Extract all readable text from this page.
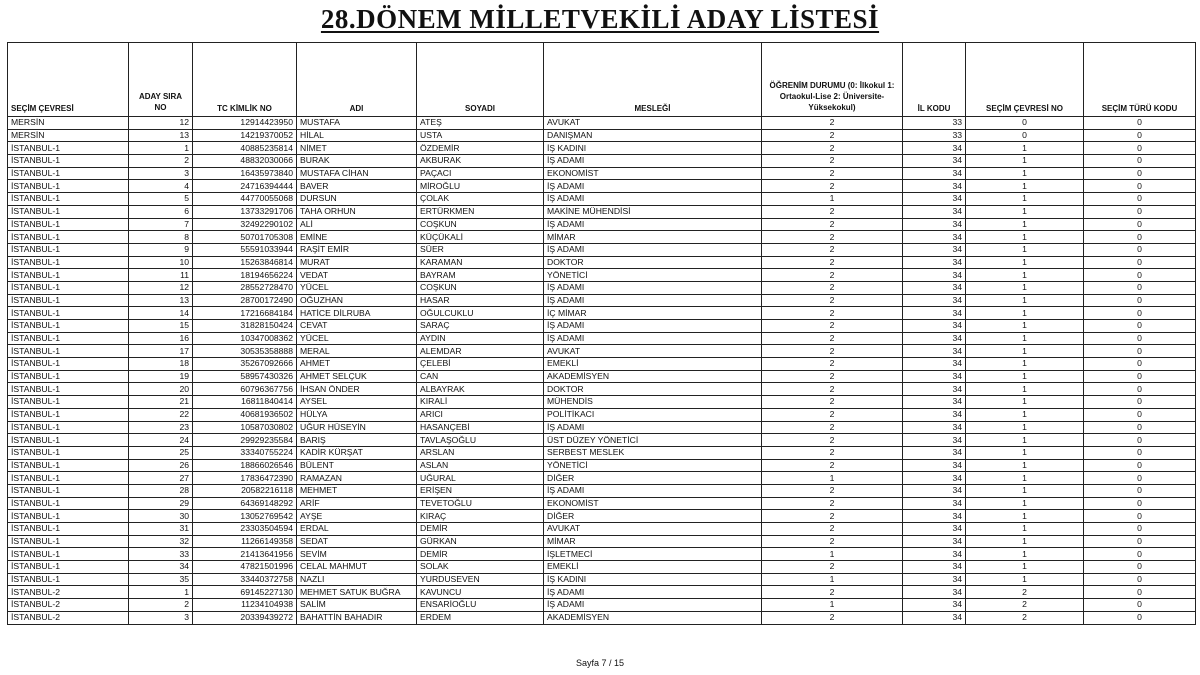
28.DÖNEM MİLLETVEKİLİ ADAY LİSTESİ
SEÇİM ÇEVRESİ	ADAY SIRA NO	TC KİMLİK NO	ADI	SOYADI	MESLEĞİ	ÖĞRENİM DURUMU (0: İlkokul 1: Ortaokul-Lise 2: Üniversite-Yüksekokul)	İL KODU	SEÇİM ÇEVRESİ NO	SEÇİM TÜRÜ KODU
MERSİN	12	12914423950	MUSTAFA	ATEŞ	AVUKAT	2	33	0	0
MERSİN	13	14219370052	HİLAL	USTA	DANIŞMAN	2	33	0	0
İSTANBUL-1	1	40885235814	NİMET	ÖZDEMİR	İŞ KADINI	2	34	1	0
İSTANBUL-1	2	48832030066	BURAK	AKBURAK	İŞ ADAMI	2	34	1	0
İSTANBUL-1	3	16435973840	MUSTAFA CİHAN	PAÇACI	EKONOMİST	2	34	1	0
İSTANBUL-1	4	24716394444	BAVER	MİROĞLU	İŞ ADAMI	2	34	1	0
İSTANBUL-1	5	44770055068	DURSUN	ÇOLAK	İŞ ADAMI	1	34	1	0
İSTANBUL-1	6	13733291706	TAHA ORHUN	ERTÜRKMEN	MAKİNE MÜHENDİSİ	2	34	1	0
İSTANBUL-1	7	32492290102	ALİ	COŞKUN	İŞ ADAMI	2	34	1	0
İSTANBUL-1	8	50701705308	EMİNE	KÜÇÜKALİ	MİMAR	2	34	1	0
İSTANBUL-1	9	55591033944	RAŞİT EMİR	SÜER	İŞ ADAMI	2	34	1	0
İSTANBUL-1	10	15263846814	MURAT	KARAMAN	DOKTOR	2	34	1	0
İSTANBUL-1	11	18194656224	VEDAT	BAYRAM	YÖNETİCİ	2	34	1	0
İSTANBUL-1	12	28552728470	YÜCEL	COŞKUN	İŞ ADAMI	2	34	1	0
İSTANBUL-1	13	28700172490	OĞUZHAN	HASAR	İŞ ADAMI	2	34	1	0
İSTANBUL-1	14	17216684184	HATİCE DİLRUBA	OĞULCUKLU	İÇ MİMAR	2	34	1	0
İSTANBUL-1	15	31828150424	CEVAT	SARAÇ	İŞ ADAMI	2	34	1	0
İSTANBUL-1	16	10347008362	YÜCEL	AYDIN	İŞ ADAMI	2	34	1	0
İSTANBUL-1	17	30535358888	MERAL	ALEMDAR	AVUKAT	2	34	1	0
İSTANBUL-1	18	35267092666	AHMET	ÇELEBİ	EMEKLİ	2	34	1	0
İSTANBUL-1	19	58957430326	AHMET SELÇUK	CAN	AKADEMİSYEN	2	34	1	0
İSTANBUL-1	20	60796367756	İHSAN ÖNDER	ALBAYRAK	DOKTOR	2	34	1	0
İSTANBUL-1	21	16811840414	AYSEL	KIRALİ	MÜHENDİS	2	34	1	0
İSTANBUL-1	22	40681936502	HÜLYA	ARICI	POLİTİKACI	2	34	1	0
İSTANBUL-1	23	10587030802	UĞUR HÜSEYİN	HASANÇEBİ	İŞ ADAMI	2	34	1	0
İSTANBUL-1	24	29929235584	BARIŞ	TAVLAŞOĞLU	ÜST DÜZEY YÖNETİCİ	2	34	1	0
İSTANBUL-1	25	33340755224	KADİR KÜRŞAT	ARSLAN	SERBEST MESLEK	2	34	1	0
İSTANBUL-1	26	18866026546	BÜLENT	ASLAN	YÖNETİCİ	2	34	1	0
İSTANBUL-1	27	17836472390	RAMAZAN	UĞURAL	DİĞER	1	34	1	0
İSTANBUL-1	28	20582216118	MEHMET	ERİŞEN	İŞ ADAMI	2	34	1	0
İSTANBUL-1	29	64369148292	ARİF	TEVETOĞLU	EKONOMİST	2	34	1	0
İSTANBUL-1	30	13052769542	AYŞE	KIRAÇ	DİĞER	2	34	1	0
İSTANBUL-1	31	23303504594	ERDAL	DEMİR	AVUKAT	2	34	1	0
İSTANBUL-1	32	11266149358	SEDAT	GÜRKAN	MİMAR	2	34	1	0
İSTANBUL-1	33	21413641956	SEVİM	DEMİR	İŞLETMECİ	1	34	1	0
İSTANBUL-1	34	47821501996	CELAL MAHMUT	SOLAK	EMEKLİ	2	34	1	0
İSTANBUL-1	35	33440372758	NAZLI	YURDUSEVEN	İŞ KADINI	1	34	1	0
İSTANBUL-2	1	69145227130	MEHMET SATUK BUĞRA	KAVUNCU	İŞ ADAMI	2	34	2	0
İSTANBUL-2	2	11234104938	SALİM	ENSARİOĞLU	İŞ ADAMI	1	34	2	0
İSTANBUL-2	3	20339439272	BAHATTİN BAHADIR	ERDEM	AKADEMİSYEN	2	34	2	0
Sayfa 7 / 15
